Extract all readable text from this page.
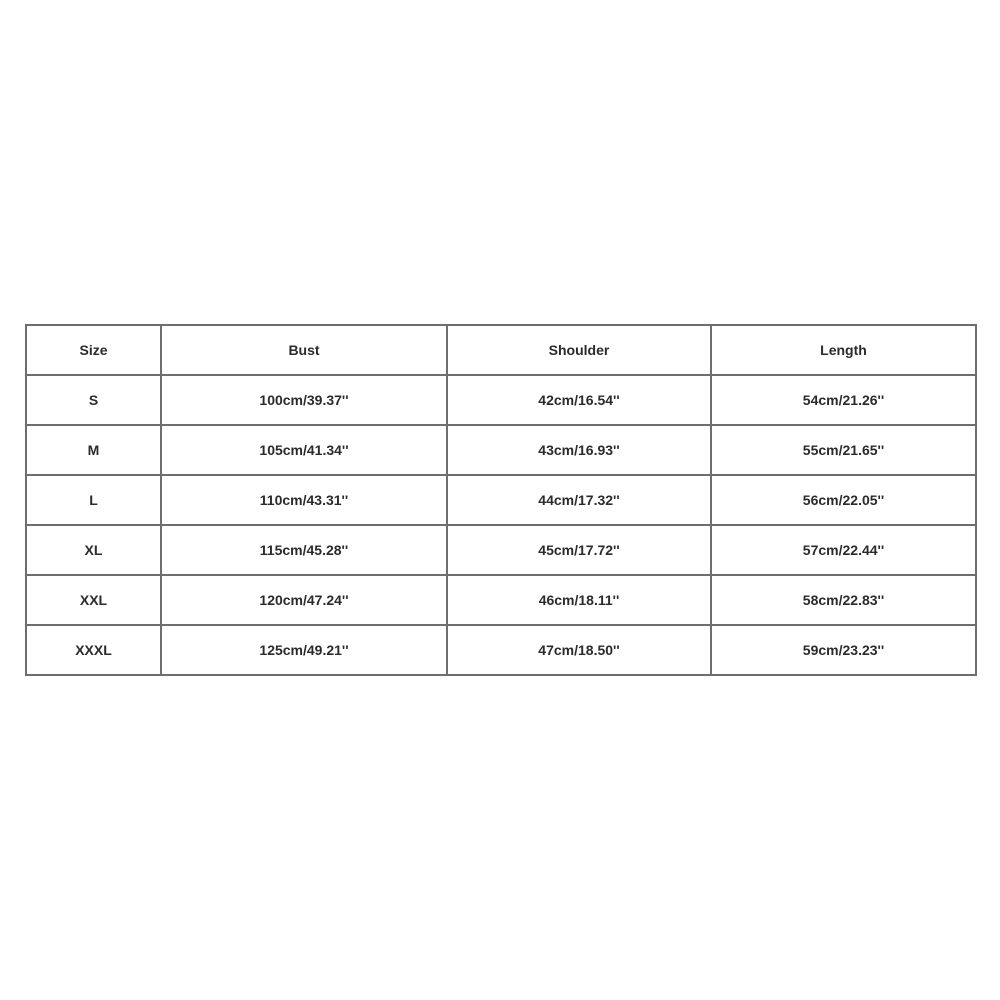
Size	Bust	Shoulder	Length
S	100cm/39.37''	42cm/16.54''	54cm/21.26''
M	105cm/41.34''	43cm/16.93''	55cm/21.65''
L	110cm/43.31''	44cm/17.32''	56cm/22.05''
XL	115cm/45.28''	45cm/17.72''	57cm/22.44''
XXL	120cm/47.24''	46cm/18.11''	58cm/22.83''
XXXL	125cm/49.21''	47cm/18.50''	59cm/23.23''
